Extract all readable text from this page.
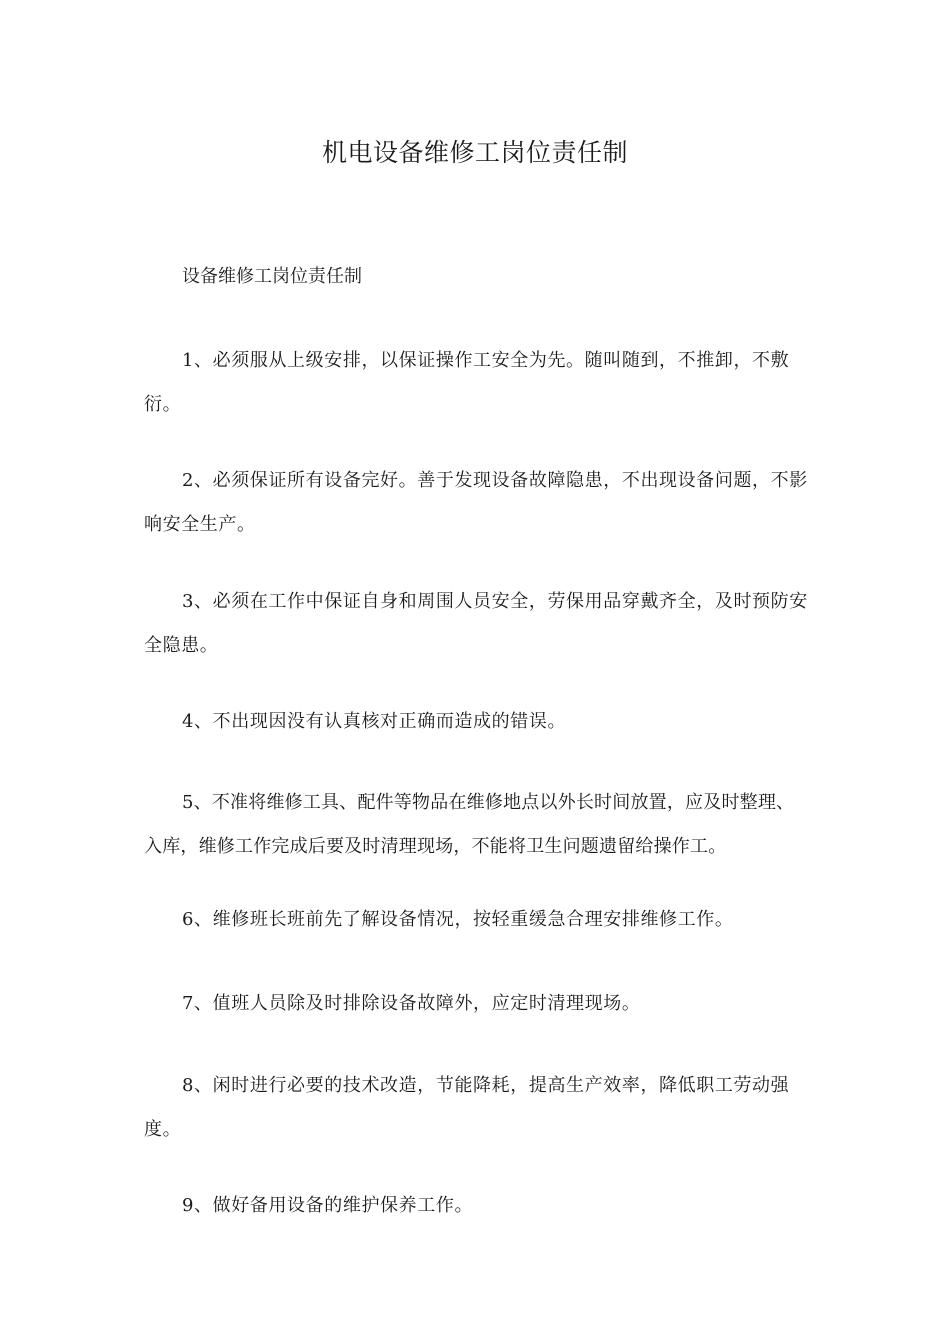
机电设备维修工岗位责任制
设备维修工岗位责任制
1、必须服从上级安排，以保证操作工安全为先。随叫随到，不推卸，不敷衍。
2、必须保证所有设备完好。善于发现设备故障隐患，不出现设备问题，不影响安全生产。
3、必须在工作中保证自身和周围人员安全，劳保用品穿戴齐全，及时预防安全隐患。
4、不出现因没有认真核对正确而造成的错误。
5、不准将维修工具、配件等物品在维修地点以外长时间放置，应及时整理、入库，维修工作完成后要及时清理现场，不能将卫生问题遗留给操作工。
6、维修班长班前先了解设备情况，按轻重缓急合理安排维修工作。
7、值班人员除及时排除设备故障外，应定时清理现场。
8、闲时进行必要的技术改造，节能降耗，提高生产效率，降低职工劳动强度。
9、做好备用设备的维护保养工作。
